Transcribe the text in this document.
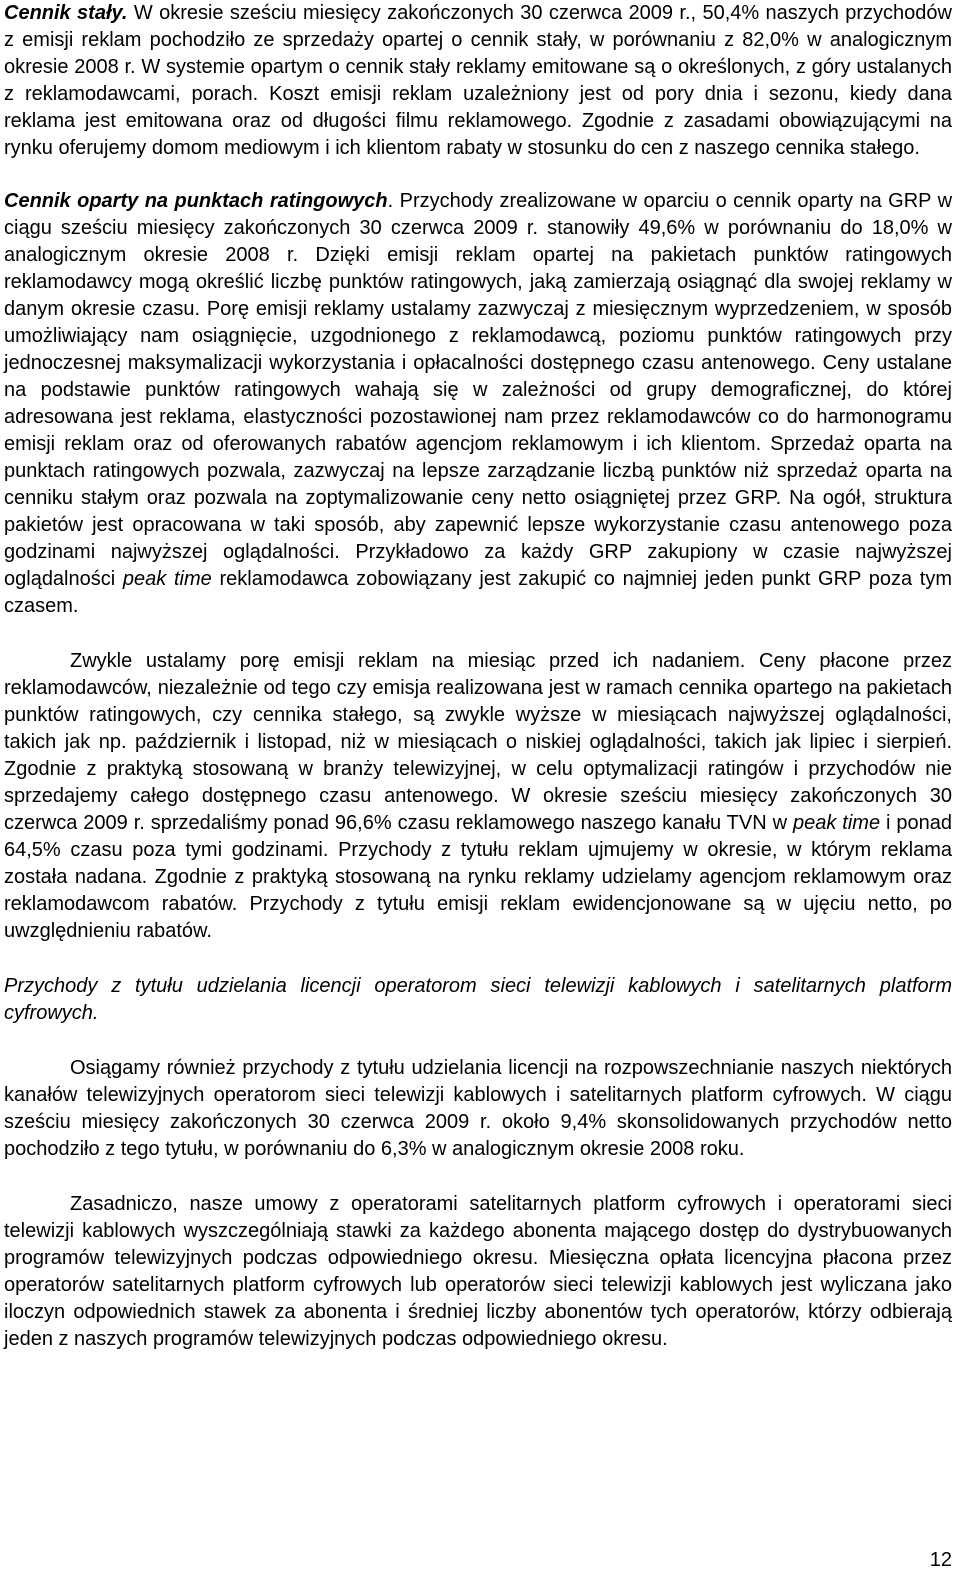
Cennik stały. W okresie sześciu miesięcy zakończonych 30 czerwca 2009 r., 50,4% naszych przychodów z emisji reklam pochodziło ze sprzedaży opartej o cennik stały, w porównaniu z 82,0% w analogicznym okresie 2008 r. W systemie opartym o cennik stały reklamy emitowane są o określonych, z góry ustalanych z reklamodawcami, porach. Koszt emisji reklam uzależniony jest od pory dnia i sezonu, kiedy dana reklama jest emitowana oraz od długości filmu reklamowego. Zgodnie z zasadami obowiązującymi na rynku oferujemy domom mediowym i ich klientom rabaty w stosunku do cen z naszego cennika stałego.

Cennik oparty na punktach ratingowych. Przychody zrealizowane w oparciu o cennik oparty na GRP w ciągu sześciu miesięcy zakończonych 30 czerwca 2009 r. stanowiły 49,6% w porównaniu do 18,0% w analogicznym okresie 2008 r. Dzięki emisji reklam opartej na pakietach punktów ratingowych reklamodawcy mogą określić liczbę punktów ratingowych, jaką zamierzają osiągnąć dla swojej reklamy w danym okresie czasu. Porę emisji reklamy ustalamy zazwyczaj z miesięcznym wyprzedzeniem, w sposób umożliwiający nam osiągnięcie, uzgodnionego z reklamodawcą, poziomu punktów ratingowych przy jednoczesnej maksymalizacji wykorzystania i opłacalności dostępnego czasu antenowego. Ceny ustalane na podstawie punktów ratingowych wahają się w zależności od grupy demograficznej, do której adresowana jest reklama, elastyczności pozostawionej nam przez reklamodawców co do harmonogramu emisji reklam oraz od oferowanych rabatów agencjom reklamowym i ich klientom. Sprzedaż oparta na punktach ratingowych pozwala, zazwyczaj na lepsze zarządzanie liczbą punktów niż sprzedaż oparta na cenniku stałym oraz pozwala na zoptymalizowanie ceny netto osiągniętej przez GRP. Na ogół, struktura pakietów jest opracowana w taki sposób, aby zapewnić lepsze wykorzystanie czasu antenowego poza godzinami najwyższej oglądalności. Przykładowo za każdy GRP zakupiony w czasie najwyższej oglądalności peak time reklamodawca zobowiązany jest zakupić co najmniej jeden punkt GRP poza tym czasem.

Zwykle ustalamy porę emisji reklam na miesiąc przed ich nadaniem. Ceny płacone przez reklamodawców, niezależnie od tego czy emisja realizowana jest w ramach cennika opartego na pakietach punktów ratingowych, czy cennika stałego, są zwykle wyższe w miesiącach najwyższej oglądalności, takich jak np. październik i listopad, niż w miesiącach o niskiej oglądalności, takich jak lipiec i sierpień. Zgodnie z praktyką stosowaną w branży telewizyjnej, w celu optymalizacji ratingów i przychodów nie sprzedajemy całego dostępnego czasu antenowego. W okresie sześciu miesięcy zakończonych 30 czerwca 2009 r. sprzedaliśmy ponad 96,6% czasu reklamowego naszego kanału TVN w peak time i ponad 64,5% czasu poza tymi godzinami. Przychody z tytułu reklam ujmujemy w okresie, w którym reklama została nadana. Zgodnie z praktyką stosowaną na rynku reklamy udzielamy agencjom reklamowym oraz reklamodawcom rabatów. Przychody z tytułu emisji reklam ewidencjonowane są w ujęciu netto, po uwzględnieniu rabatów.

Przychody z tytułu udzielania licencji operatorom sieci telewizji kablowych i satelitarnych platform cyfrowych.

Osiągamy również przychody z tytułu udzielania licencji na rozpowszechnianie naszych niektórych kanałów telewizyjnych operatorom sieci telewizji kablowych i satelitarnych platform cyfrowych. W ciągu sześciu miesięcy zakończonych 30 czerwca 2009 r. około 9,4% skonsolidowanych przychodów netto pochodziło z tego tytułu, w porównaniu do 6,3% w analogicznym okresie 2008 roku.

Zasadniczo, nasze umowy z operatorami satelitarnych platform cyfrowych i operatorami sieci telewizji kablowych wyszczególniają stawki za każdego abonenta mającego dostęp do dystrybuowanych programów telewizyjnych podczas odpowiedniego okresu. Miesięczna opłata licencyjna płacona przez operatorów satelitarnych platform cyfrowych lub operatorów sieci telewizji kablowych jest wyliczana jako iloczyn odpowiednich stawek za abonenta i średniej liczby abonentów tych operatorów, którzy odbierają jeden z naszych programów telewizyjnych podczas odpowiedniego okresu.

12
